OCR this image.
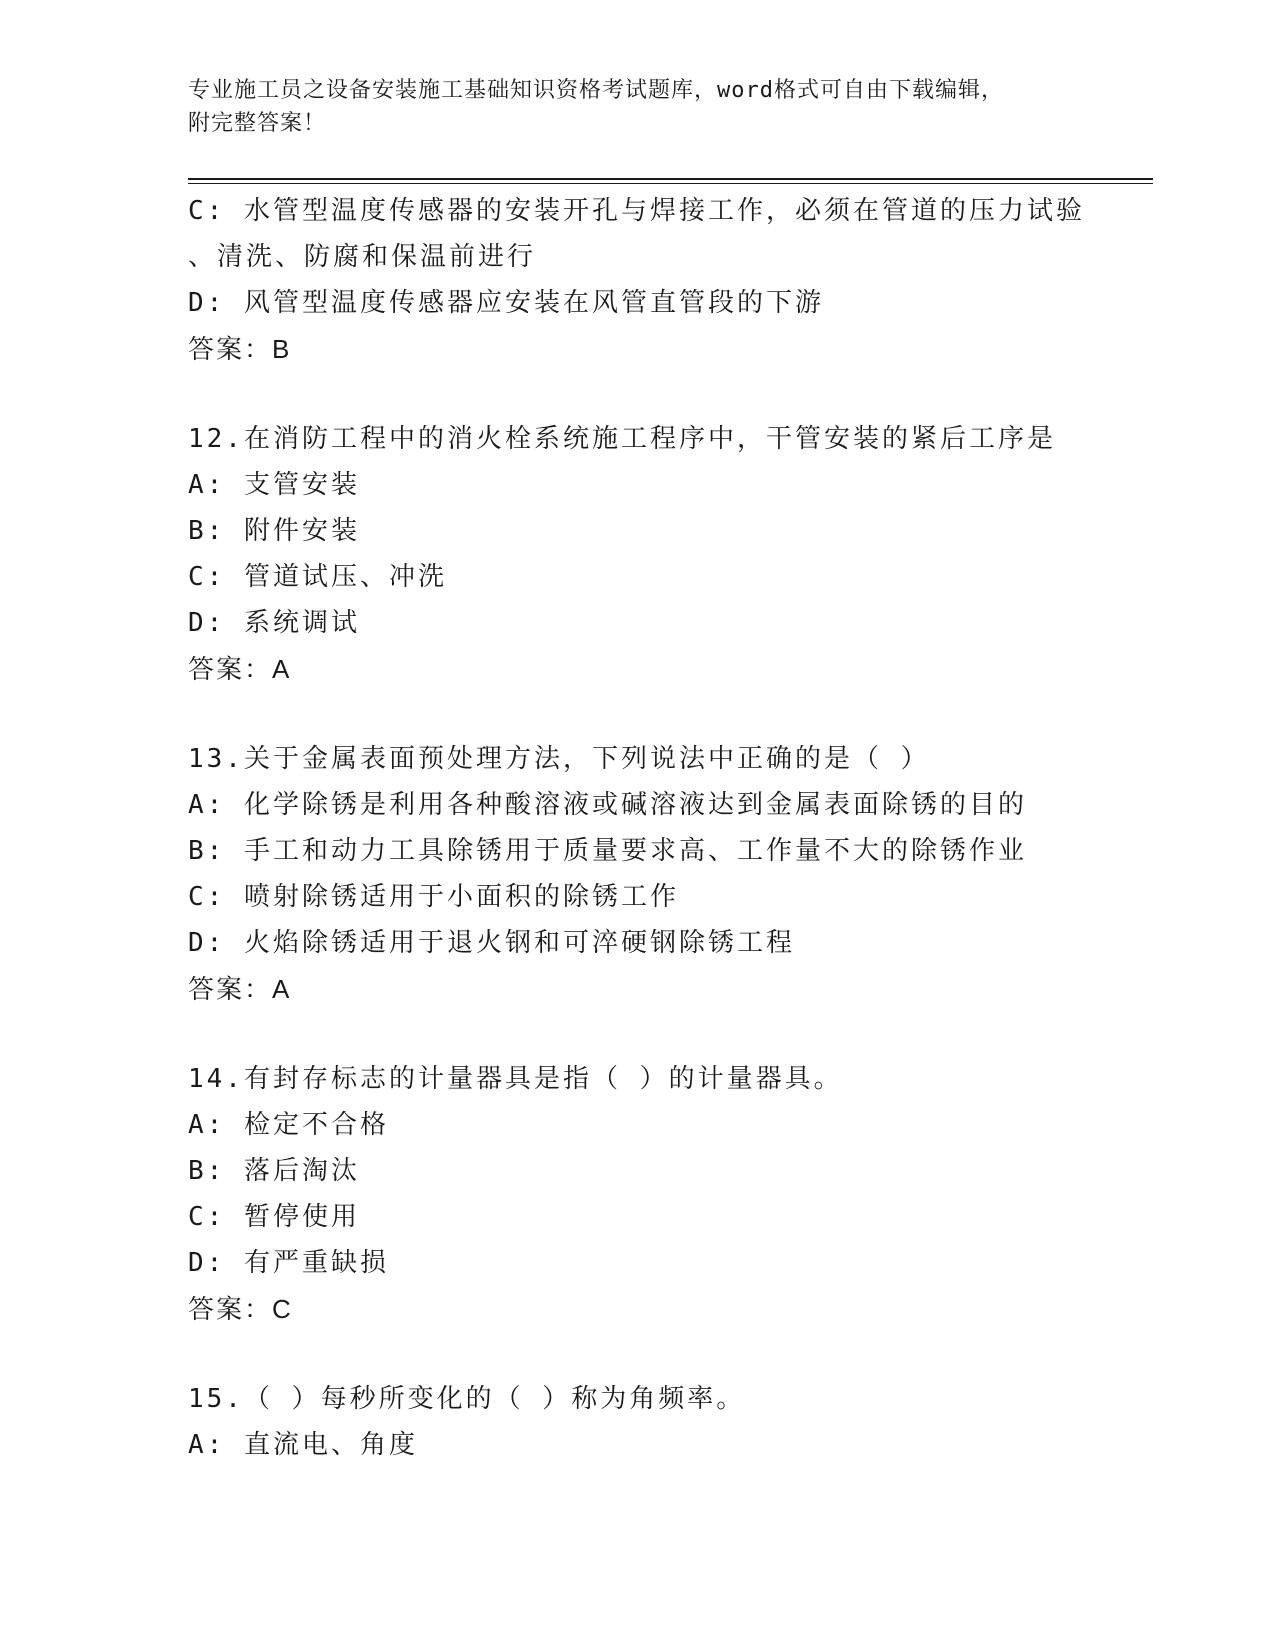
专业施工员之设备安装施工基础知识资格考试题库，word格式可自由下载编辑，
附完整答案！
C: 水管型温度传感器的安装开孔与焊接工作，必须在管道的压力试验
、清洗、防腐和保温前进行
D: 风管型温度传感器应安装在风管直管段的下游
答案：B
12.在消防工程中的消火栓系统施工程序中，干管安装的紧后工序是
A: 支管安装
B: 附件安装
C: 管道试压、冲洗
D: 系统调试
答案：A
13.关于金属表面预处理方法，下列说法中正确的是（ ）
A: 化学除锈是利用各种酸溶液或碱溶液达到金属表面除锈的目的
B: 手工和动力工具除锈用于质量要求高、工作量不大的除锈作业
C: 喷射除锈适用于小面积的除锈工作
D: 火焰除锈适用于退火钢和可淬硬钢除锈工程
答案：A
14.有封存标志的计量器具是指（ ）的计量器具。
A: 检定不合格
B: 落后淘汰
C: 暂停使用
D: 有严重缺损
答案：C
15.（ ）每秒所变化的（ ）称为角频率。
A: 直流电、角度
